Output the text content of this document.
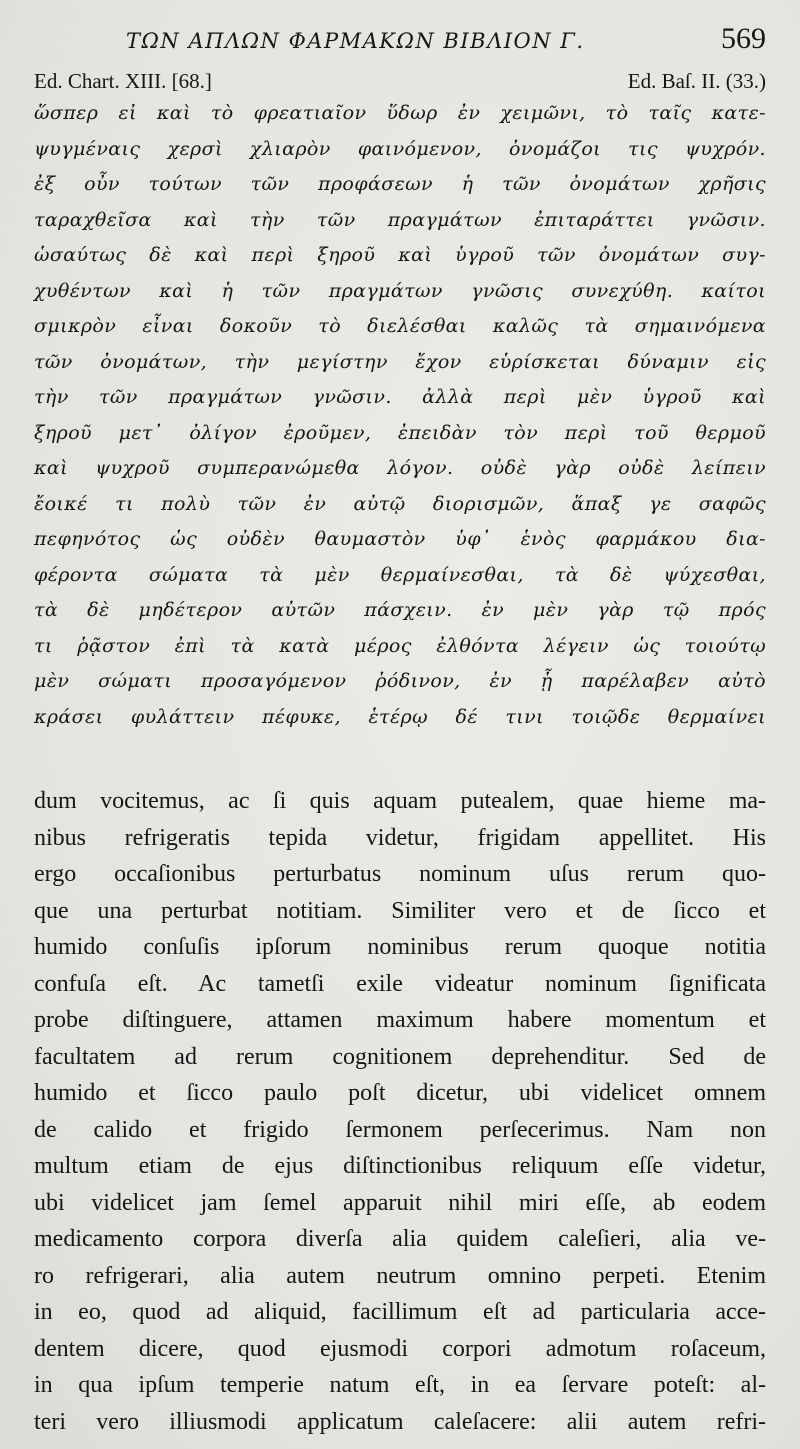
ΤΩΝ ΑΠΛΩΝ ΦΑΡΜΑΚΩΝ ΒΙΒΛΙΟΝ Γ.	569
Ed. Chart. XIII. [68.]	Ed. Baſ. II. (33.)
ὥσπερ εἰ καὶ τὸ φρεατιαῖον ὕδωρ ἐν χειμῶνι, τὸ ταῖς κατε-
ψυγμέναις χερσὶ χλιαρὸν φαινόμενον, ὀνομάζοι τις ψυχρόν.
ἐξ οὖν τούτων τῶν προφάσεων ἡ τῶν ὀνομάτων χρῆσις
ταραχθεῖσα καὶ τὴν τῶν πραγμάτων ἐπιταράττει γνῶσιν.
ὡσαύτως δὲ καὶ περὶ ξηροῦ καὶ ὑγροῦ τῶν ὀνομάτων συγ-
χυθέντων καὶ ἡ τῶν πραγμάτων γνῶσις συνεχύθη. καίτοι
σμικρὸν εἶναι δοκοῦν τὸ διελέσθαι καλῶς τὰ σημαινόμενα
τῶν ὀνομάτων, τὴν μεγίστην ἔχον εὑρίσκεται δύναμιν εἰς
τὴν τῶν πραγμάτων γνῶσιν. ἀλλὰ περὶ μὲν ὑγροῦ καὶ
ξηροῦ μετ᾽ ὀλίγον ἐροῦμεν, ἐπειδὰν τὸν περὶ τοῦ θερμοῦ
καὶ ψυχροῦ συμπερανώμεθα λόγον. οὐδὲ γὰρ οὐδὲ λείπειν
ἔοικέ τι πολὺ τῶν ἐν αὐτῷ διορισμῶν, ἅπαξ γε σαφῶς
πεφηνότος ὡς οὐδὲν θαυμαστὸν ὑφ᾽ ἑνὸς φαρμάκου δια-
φέροντα σώματα τὰ μὲν θερμαίνεσθαι, τὰ δὲ ψύχεσθαι,
τὰ δὲ μηδέτερον αὐτῶν πάσχειν. ἐν μὲν γὰρ τῷ πρός
τι ῥᾷστον ἐπὶ τὰ κατὰ μέρος ἐλθόντα λέγειν ὡς τοιούτῳ
μὲν σώματι προσαγόμενον ῥόδινον, ἐν ᾗ παρέλαβεν αὐτὸ
κράσει φυλάττειν πέφυκε, ἑτέρῳ δέ τινι τοιῷδε θερμαίνει
dum vocitemus, ac ſi quis aquam putealem, quae hieme ma-
nibus refrigeratis tepida videtur, frigidam appellitet. His
ergo occaſionibus perturbatus nominum uſus rerum quo-
que una perturbat notitiam. Similiter vero et de ſicco et
humido conſuſis ipſorum nominibus rerum quoque notitia
confuſa eſt. Ac tametſi exile videatur nominum ſignificata
probe diſtinguere, attamen maximum habere momentum et
facultatem ad rerum cognitionem deprehenditur. Sed de
humido et ſicco paulo poſt dicetur, ubi videlicet omnem
de calido et frigido ſermonem perſecerimus. Nam non
multum etiam de ejus diſtinctionibus reliquum eſſe videtur,
ubi videlicet jam ſemel apparuit nihil miri eſſe, ab eodem
medicamento corpora diverſa alia quidem caleſieri, alia ve-
ro refrigerari, alia autem neutrum omnino perpeti. Etenim
in eo, quod ad aliquid, facillimum eſt ad particularia acce-
dentem dicere, quod ejusmodi corpori admotum roſaceum,
in qua ipſum temperie natum eſt, in ea ſervare poteſt: al-
teri vero illiusmodi applicatum caleſacere: alii autem refri-
